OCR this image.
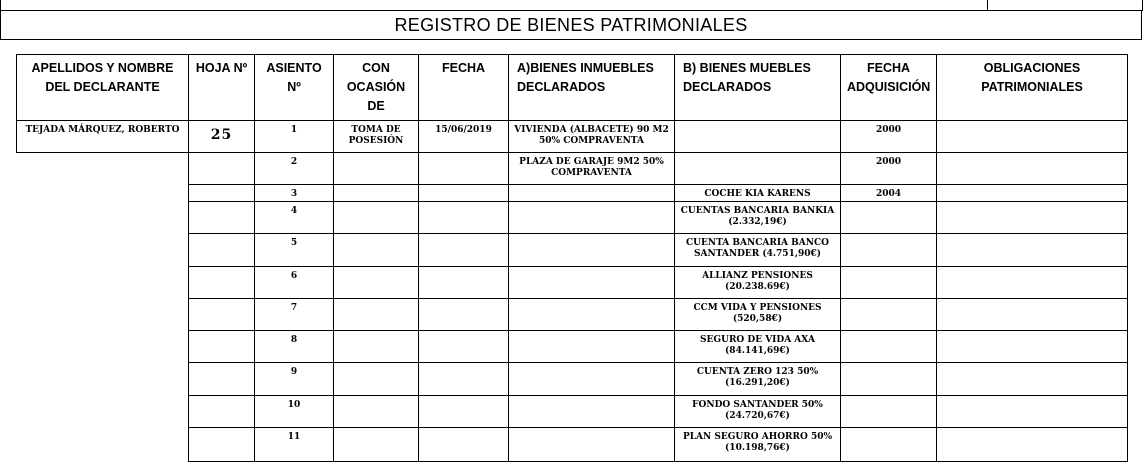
REGISTRO DE BIENES PATRIMONIALES
APELLIDOS Y NOMBRE DEL DECLARANTE	HOJA Nº	ASIENTO Nº	CON OCASIÓN DE	FECHA	A)BIENES INMUEBLES DECLARADOS	B) BIENES MUEBLES DECLARADOS	FECHA ADQUISICIÓN	OBLIGACIONES PATRIMONIALES
TEJADA MÁRQUEZ, ROBERTO	25	1	TOMA DE POSESIÓN	15/06/2019	VIVIENDA (ALBACETE) 90 M2 50% COMPRAVENTA		2000	
		2			PLAZA DE GARAJE 9M2 50% COMPRAVENTA		2000	
		3				COCHE KIA KARENS	2004	
		4				CUENTAS BANCARIA BANKIA (2.332,19€)		
		5				CUENTA BANCARIA BANCO SANTANDER (4.751,90€)		
		6				ALLIANZ PENSIONES (20.238.69€)		
		7				CCM VIDA Y PENSIONES (520,58€)		
		8				SEGURO DE VIDA AXA (84.141,69€)		
		9				CUENTA ZERO 123 50% (16.291,20€)		
		10				FONDO SANTANDER 50% (24.720,67€)		
		11				PLAN SEGURO AHORRO 50% (10.198,76€)		
